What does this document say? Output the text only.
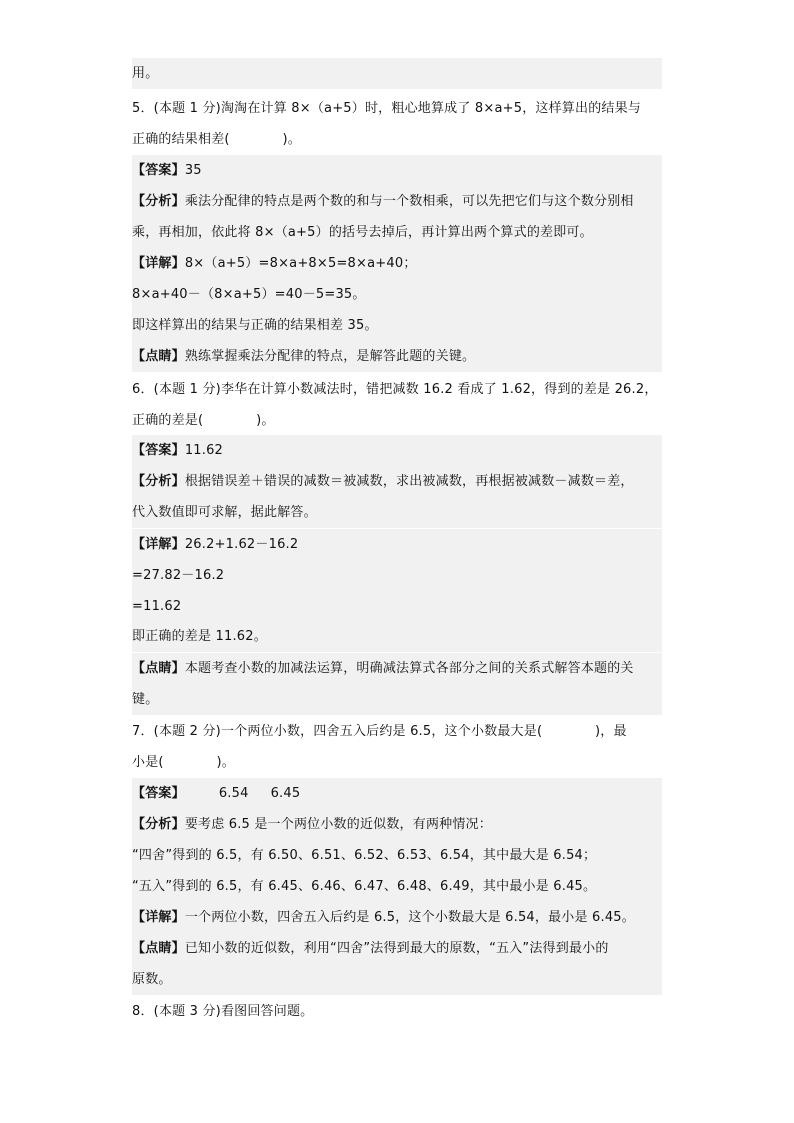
用。
5．(本题 1 分)淘淘在计算 8×（a+5）时，粗心地算成了 8×a+5，这样算出的结果与
正确的结果相差(　　　　)。
【答案】35
【分析】乘法分配律的特点是两个数的和与一个数相乘，可以先把它们与这个数分别相
乘，再相加，依此将 8×（a+5）的括号去掉后，再计算出两个算式的差即可。
【详解】8×（a+5）=8×a+8×5=8×a+40；
8×a+40－（8×a+5）=40－5=35。
即这样算出的结果与正确的结果相差 35。
【点睛】熟练掌握乘法分配律的特点，是解答此题的关键。
6．(本题 1 分)李华在计算小数减法时，错把减数 16.2 看成了 1.62，得到的差是 26.2，
正确的差是(　　　　)。
【答案】11.62
【分析】根据错误差＋错误的减数＝被减数，求出被减数，再根据被减数－减数＝差，
代入数值即可求解，据此解答。
【详解】26.2+1.62－16.2
=27.82－16.2
=11.62
即正确的差是 11.62。
【点睛】本题考查小数的加减法运算，明确减法算式各部分之间的关系式解答本题的关
键。
7．(本题 2 分)一个两位小数，四舍五入后约是 6.5，这个小数最大是(　　　　)，最
小是(　　　　)。
【答案】	6.54 6.45
【分析】要考虑 6.5 是一个两位小数的近似数，有两种情况：
“四舍”得到的 6.5，有 6.50、6.51、6.52、6.53、6.54，其中最大是 6.54；
“五入”得到的 6.5，有 6.45、6.46、6.47、6.48、6.49，其中最小是 6.45。
【详解】一个两位小数，四舍五入后约是 6.5，这个小数最大是 6.54，最小是 6.45。
【点睛】已知小数的近似数，利用“四舍”法得到最大的原数，“五入”法得到最小的
原数。
8．(本题 3 分)看图回答问题。
